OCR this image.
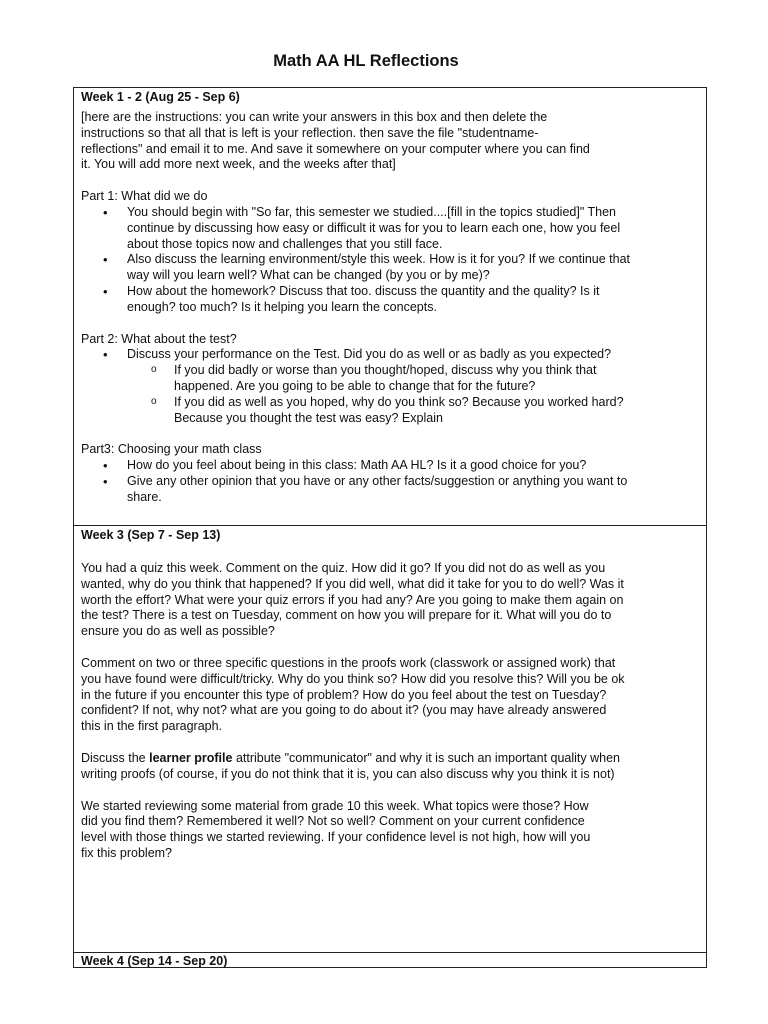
Math AA HL Reflections
Week 1 - 2 (Aug 25 - Sep 6)

[here are the instructions: you can write your answers in this box and then delete the

instructions so that all that is left is your reflection. then save the file "studentname-

reflections" and email it to me. And save it somewhere on your computer where you can find

it. You will add more next week, and the weeks after that]

Part 1: What did we do

• You should begin with "So far, this semester we studied....[fill in the topics studied]" Then

continue by discussing how easy or difficult it was for you to learn each one, how you feel

about those topics now and challenges that you still face.

• Also discuss the learning environment/style this week. How is it for you? If we continue that

way will you learn well? What can be changed (by you or by me)?

• How about the homework? Discuss that too. discuss the quantity and the quality? Is it

enough? too much? Is it helping you learn the concepts.

Part 2: What about the test?

• Discuss your performance on the Test. Did you do as well or as badly as you expected?

o If you did badly or worse than you thought/hoped, discuss why you think that

happened. Are you going to be able to change that for the future?

o If you did as well as you hoped, why do you think so? Because you worked hard?

Because you thought the test was easy? Explain

Part3: Choosing your math class

• How do you feel about being in this class: Math AA HL? Is it a good choice for you?

• Give any other opinion that you have or any other facts/suggestion or anything you want to

share.

Week 3 (Sep 7 - Sep 13)

You had a quiz this week. Comment on the quiz. How did it go? If you did not do as well as you

wanted, why do you think that happened? If you did well, what did it take for you to do well? Was it

worth the effort? What were your quiz errors if you had any? Are you going to make them again on

the test? There is a test on Tuesday, comment on how you will prepare for it. What will you do to

ensure you do as well as possible?

Comment on two or three specific questions in the proofs work (classwork or assigned work) that

you have found were difficult/tricky. Why do you think so? How did you resolve this? Will you be ok

in the future if you encounter this type of problem? How do you feel about the test on Tuesday?

confident? If not, why not? what are you going to do about it? (you may have already answered

this in the first paragraph.

Discuss the learner profile attribute "communicator" and why it is such an important quality when

writing proofs (of course, if you do not think that it is, you can also discuss why you think it is not)

We started reviewing some material from grade 10 this week. What topics were those? How

did you find them? Remembered it well? Not so well? Comment on your current confidence

level with those things we started reviewing. If your confidence level is not high, how will you

fix this problem?

Week 4 (Sep 14 - Sep 20)
